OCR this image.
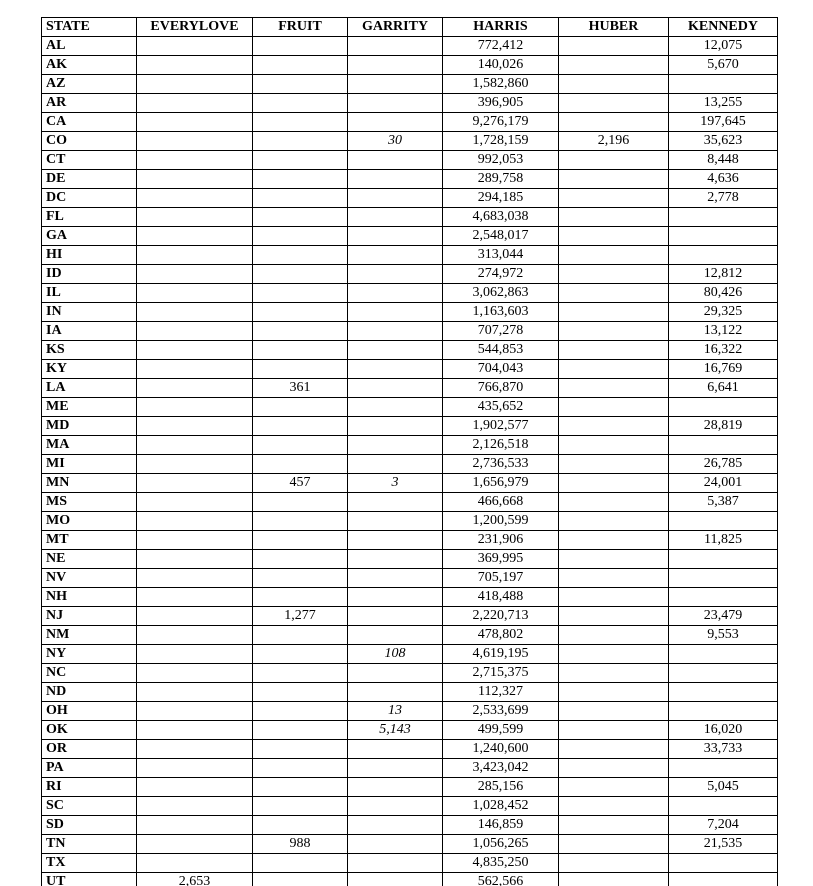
STATE	EVERYLOVE	FRUIT	GARRITY	HARRIS	HUBER	KENNEDY
AL				772,412		12,075
AK				140,026		5,670
AZ				1,582,860		
AR				396,905		13,255
CA				9,276,179		197,645
CO			30	1,728,159	2,196	35,623
CT				992,053		8,448
DE				289,758		4,636
DC				294,185		2,778
FL				4,683,038		
GA				2,548,017		
HI				313,044		
ID				274,972		12,812
IL				3,062,863		80,426
IN				1,163,603		29,325
IA				707,278		13,122
KS				544,853		16,322
KY				704,043		16,769
LA		361		766,870		6,641
ME				435,652		
MD				1,902,577		28,819
MA				2,126,518		
MI				2,736,533		26,785
MN		457	3	1,656,979		24,001
MS				466,668		5,387
MO				1,200,599		
MT				231,906		11,825
NE				369,995		
NV				705,197		
NH				418,488		
NJ		1,277		2,220,713		23,479
NM				478,802		9,553
NY			108	4,619,195		
NC				2,715,375		
ND				112,327		
OH			13	2,533,699		
OK			5,143	499,599		16,020
OR				1,240,600		33,733
PA				3,423,042		
RI				285,156		5,045
SC				1,028,452		
SD				146,859		7,204
TN		988		1,056,265		21,535
TX				4,835,250		
UT	2,653			562,566		
